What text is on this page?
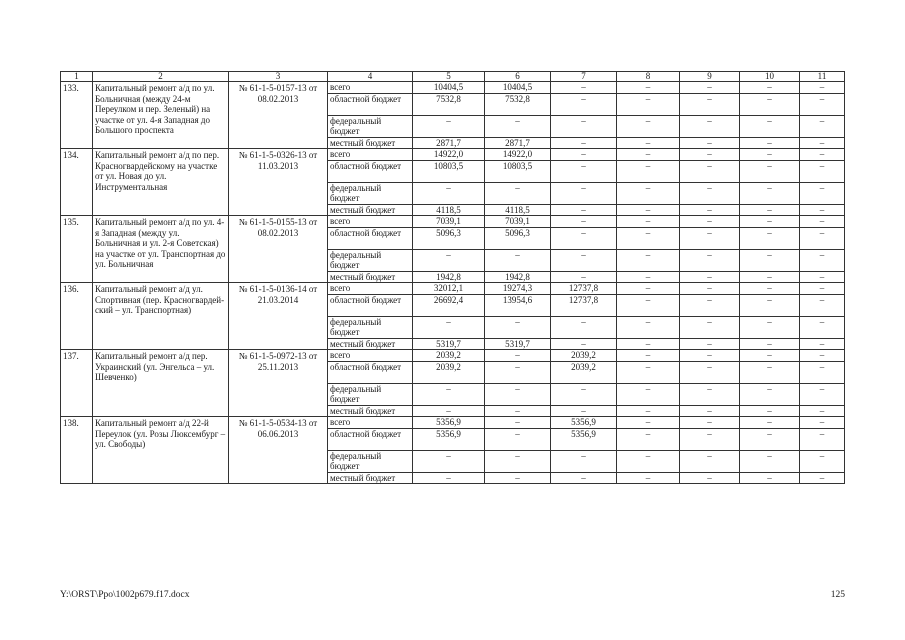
1	2	3	4	5	6	7	8	9	10	11
133.	Капитальный ремонт а/д по ул. Больничная (между 24-м Переулком и пер. Зеленый) на участке от ул. 4-я Западная до Большого проспекта	№ 61-1-5-0157-13 от 08.02.2013	всего	10404,5	10404,5	–	–	–	–	–
			областной бюджет	7532,8	7532,8	–	–	–	–	–
			федеральный бюджет	–	–	–	–	–	–	–
			местный бюджет	2871,7	2871,7	–	–	–	–	–
134.	Капитальный ремонт а/д по пер. Красногвардейскому на участке от ул. Новая до ул. Инструментальная	№ 61-1-5-0326-13 от 11.03.2013	всего	14922,0	14922,0	–	–	–	–	–
			областной бюджет	10803,5	10803,5	–	–	–	–	–
			федеральный бюджет	–	–	–	–	–	–	–
			местный бюджет	4118,5	4118,5	–	–	–	–	–
135.	Капитальный ремонт а/д по ул. 4-я Западная (между ул. Больничная и ул. 2-я Советская) на участке от ул. Транспортная до ул. Больничная	№ 61-1-5-0155-13 от 08.02.2013	всего	7039,1	7039,1	–	–	–	–	–
			областной бюджет	5096,3	5096,3	–	–	–	–	–
			федеральный бюджет	–	–	–	–	–	–	–
			местный бюджет	1942,8	1942,8	–	–	–	–	–
136.	Капитальный ремонт а/д ул. Спортивная (пер. Красногвардей-ский – ул. Транспортная)	№ 61-1-5-0136-14 от 21.03.2014	всего	32012,1	19274,3	12737,8	–	–	–	–
			областной бюджет	26692,4	13954,6	12737,8	–	–	–	–
			федеральный бюджет	–	–	–	–	–	–	–
			местный бюджет	5319,7	5319,7	–	–	–	–	–
137.	Капитальный ремонт а/д пер. Украинский (ул. Энгельса – ул. Шевченко)	№ 61-1-5-0972-13 от 25.11.2013	всего	2039,2	–	2039,2	–	–	–	–
			областной бюджет	2039,2	–	2039,2	–	–	–	–
			федеральный бюджет	–	–	–	–	–	–	–
			местный бюджет	–	–	–	–	–	–	–
138.	Капитальный ремонт а/д 22-й Переулок (ул. Розы Люксембург – ул. Свободы)	№ 61-1-5-0534-13 от 06.06.2013	всего	5356,9	–	5356,9	–	–	–	–
			областной бюджет	5356,9	–	5356,9	–	–	–	–
			федеральный бюджет	–	–	–	–	–	–	–
			местный бюджет	–	–	–	–	–	–	–
Y:\ORST\Ppo\1002p679.f17.docx	125
